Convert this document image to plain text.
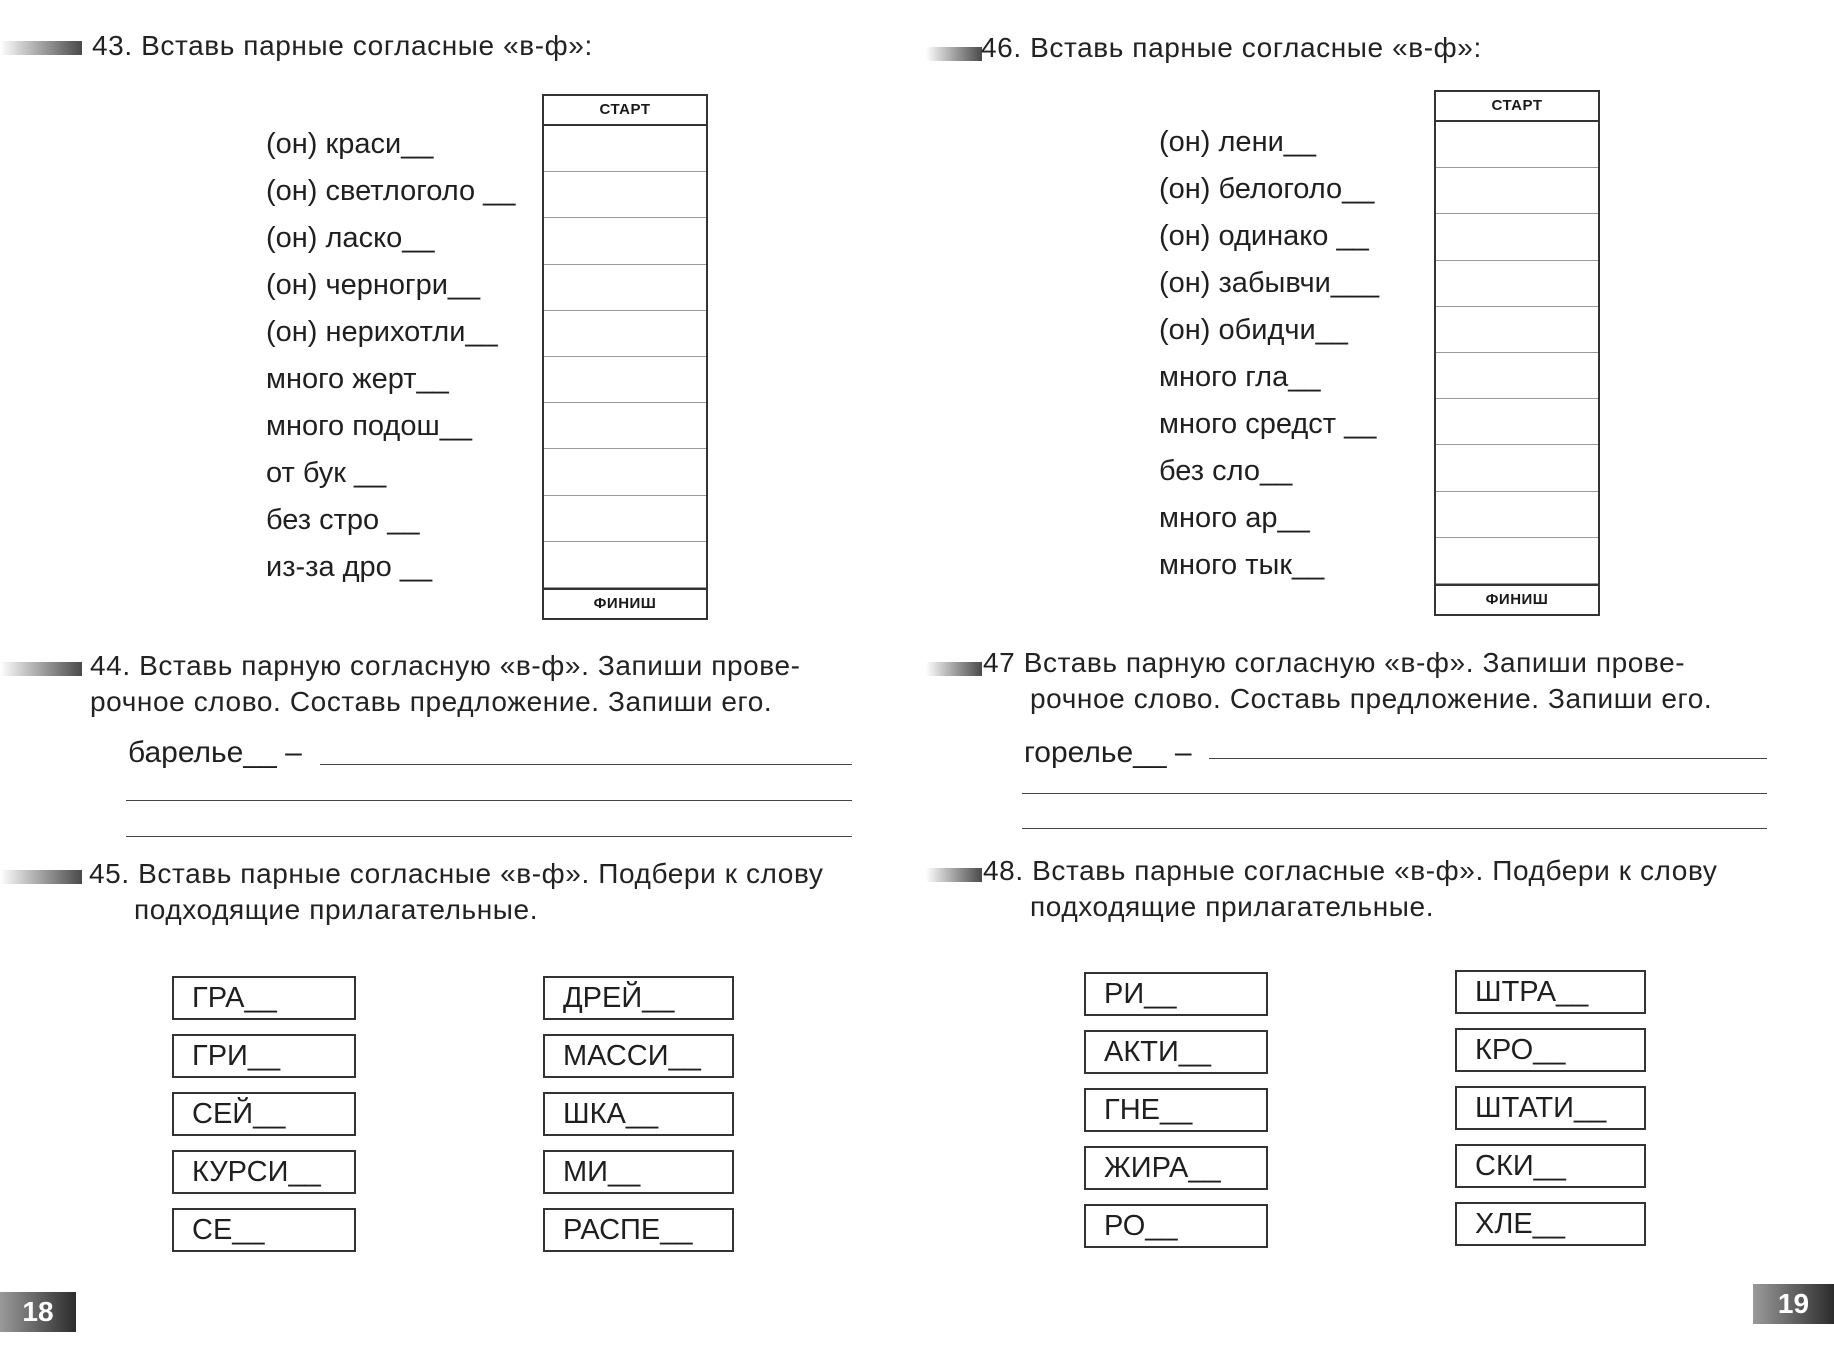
43. Вставь парные согласные «в-ф»:
(он) краси__
(он) светлоголо __
(он) ласко__
(он) черногри__
(он) нерихотли__
много жерт__
много подош__
от бук __
без стро __
из-за дро __
СТАРТ
ФИНИШ
44. Вставь парную согласную «в-ф». Запиши прове-
рочное слово. Составь предложение. Запиши его.
барелье__ –
45. Вставь парные согласные «в-ф». Подбери к слову
подходящие прилагательные.
ГРА__
ГРИ__
СЕЙ__
КУРСИ__
СЕ__
ДРЕЙ__
МАССИ__
ШКА__
МИ__
РАСПЕ__
18
46. Вставь парные согласные «в-ф»:
(он) лени__
(он) белоголо__
(он) одинако __
(он) забывчи___
(он) обидчи__
много гла__
много средст __
без сло__
много ар__
много тык__
СТАРТ
ФИНИШ
47 Вставь парную согласную «в-ф». Запиши прове-
рочное слово. Составь предложение. Запиши его.
горелье__ –
48. Вставь парные согласные «в-ф». Подбери к слову
подходящие прилагательные.
РИ__
АКТИ__
ГНЕ__
ЖИРА__
РО__
ШТРА__
КРО__
ШТАТИ__
СКИ__
ХЛЕ__
19
